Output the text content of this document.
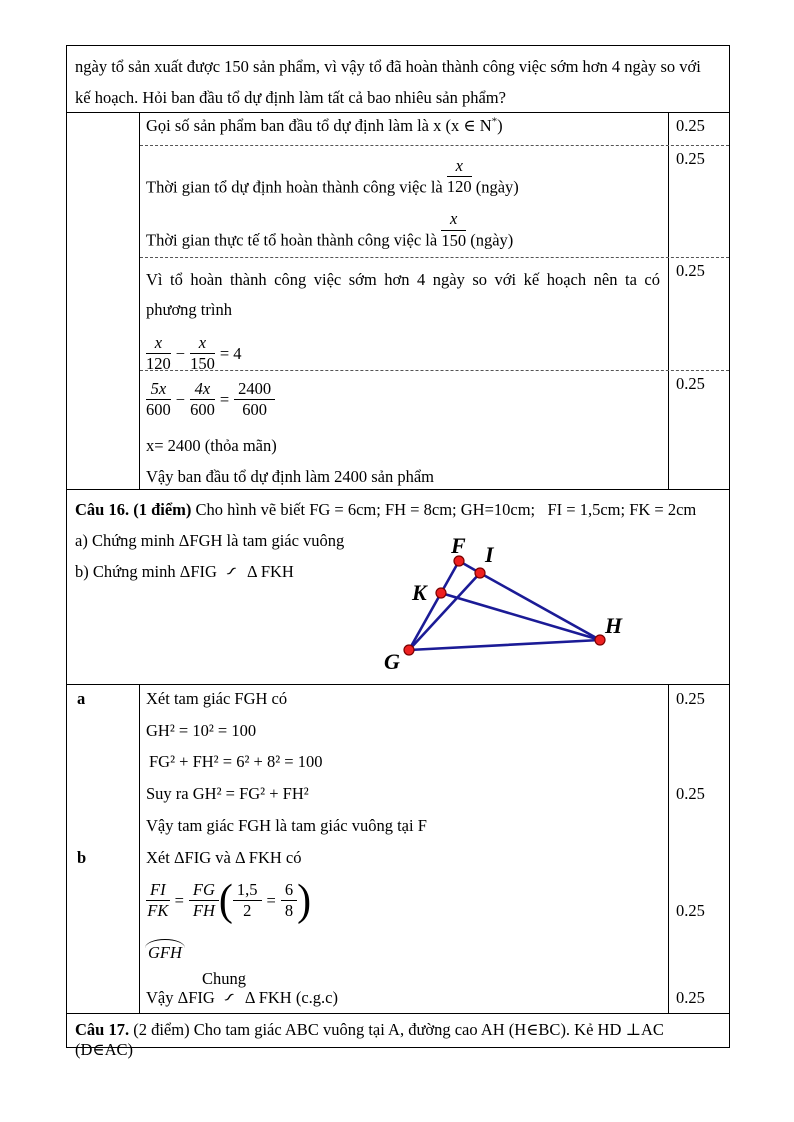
ngày tổ sản xuất được 150 sản phẩm, vì vậy tổ đã hoàn thành công việc sớm hơn 4 ngày so với
kế hoạch. Hỏi ban đầu tổ dự định làm tất cả bao nhiêu sản phẩm?
Gọi số sản phẩm ban đầu tổ dự định làm là x (x ∈ N*)	0.25

Thời gian tổ dự định hoàn thành công việc là $\frac{x}{120}$ (ngày)

Thời gian thực tế tổ hoàn thành công việc là $\frac{x}{150}$ (ngày)

0.25

Vì tổ hoàn thành công việc sớm hơn 4 ngày so với kế hoạch nên ta có

phương trình

$\frac{x}{120} - \frac{x}{150} = 4$

0.25

$\frac{5x}{600} - \frac{4x}{600} = \frac{2400}{600}$

x= 2400 (thỏa mãn)

Vậy ban đầu tổ dự định làm 2400 sản phẩm

0.25

Câu 16. (1 điểm) Cho hình vẽ biết FG = 6cm; FH = 8cm; GH=10cm;   FI = 1,5cm; FK = 2cm

a) Chứng minh ΔFGH là tam giác vuông

b) Chứng minh ΔFIG ∽ Δ FKH

F I
K
G
H
a
b

Xét tam giác FGH có

GH² = 10² = 100

FG² + FH² = 6² + 8² = 100

Suy ra GH² = FG² + FH²

Vậy tam giác FGH là tam giác vuông tại F

Xét ΔFIG và Δ FKH có

$\frac{FI}{FK} = \frac{FG}{FH}$ ( $\frac{1,5}{2} = \frac{6}{8}$ )

GFH

Chung

Vậy ΔFIG ∽ Δ FKH (c.g.c)

0.25
0.25
0.25
0.25
Câu 17. (2 điểm) Cho tam giác ABC vuông tại A, đường cao AH (H∈BC). Kẻ HD ⊥AC (D∈AC)
